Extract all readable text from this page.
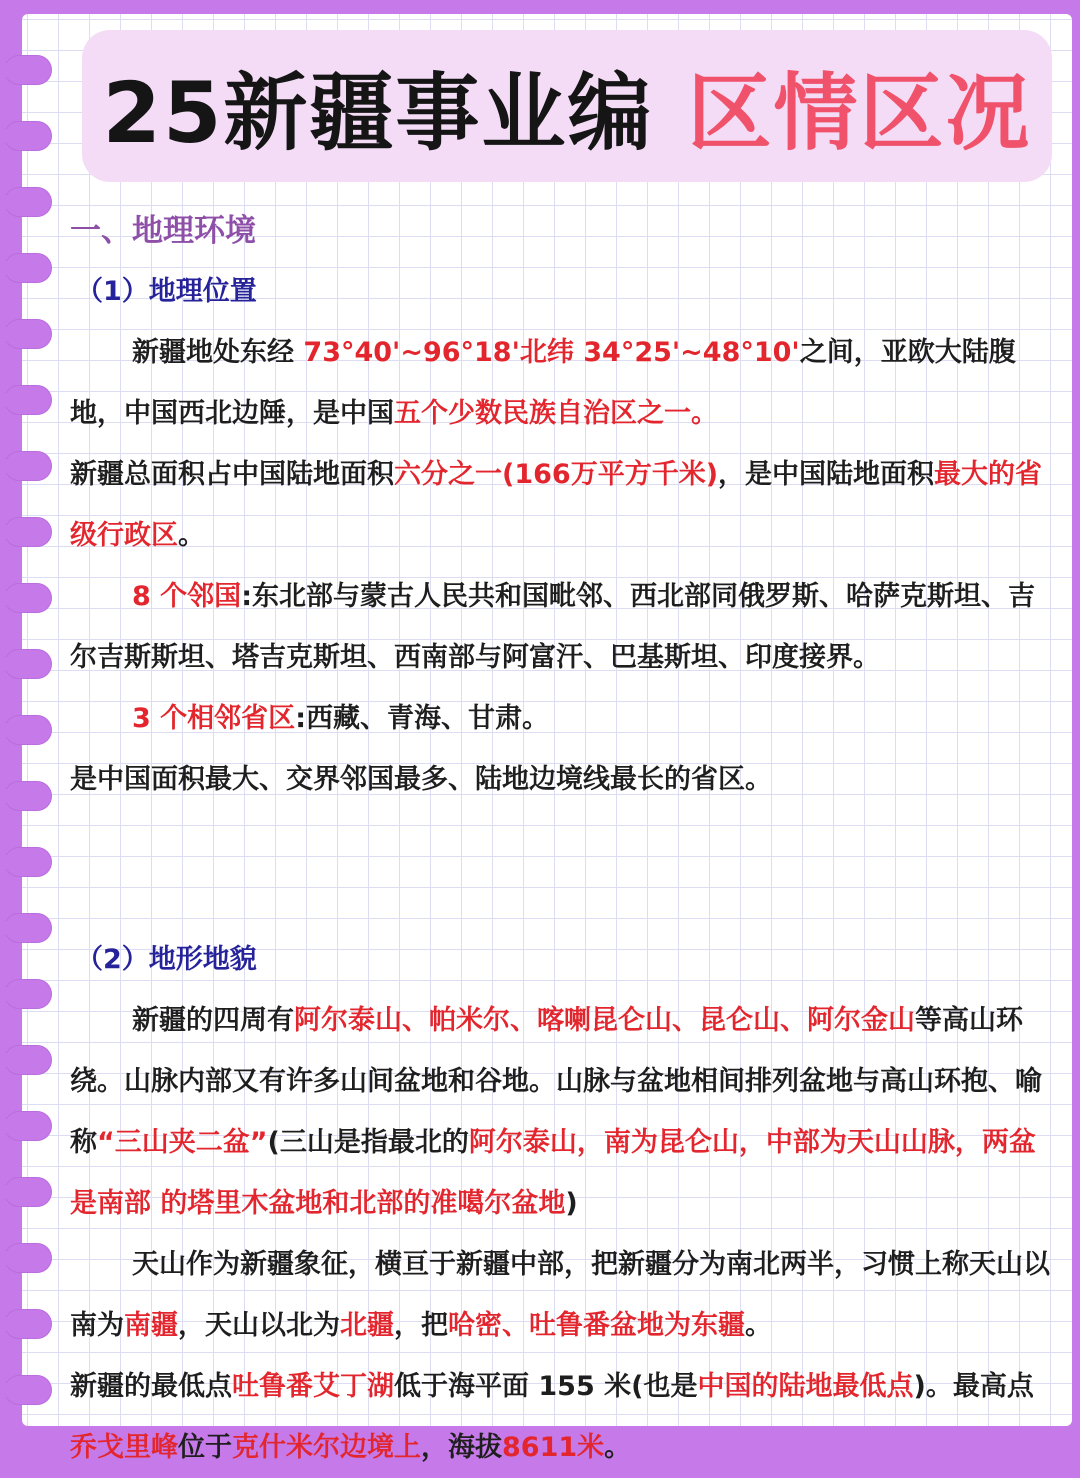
25新疆事业编 区情区况
一、地理环境
（1）地理位置

新疆地处东经 73°40'~96°18'北纬 34°25'~48°10'之间，亚欧大陆腹地，中国西北边陲，是中国五个少数民族自治区之一。

新疆总面积占中国陆地面积六分之一(166万平方千米)，是中国陆地面积最大的省级行政区。

8 个邻国:东北部与蒙古人民共和国毗邻、西北部同俄罗斯、哈萨克斯坦、吉尔吉斯斯坦、塔吉克斯坦、西南部与阿富汗、巴基斯坦、印度接界。

3 个相邻省区:西藏、青海、甘肃。

是中国面积最大、交界邻国最多、陆地边境线最长的省区。

（2）地形地貌

新疆的四周有阿尔泰山、帕米尔、喀喇昆仑山、昆仑山、阿尔金山等高山环绕。山脉内部又有许多山间盆地和谷地。山脉与盆地相间排列盆地与高山环抱、喻称“三山夹二盆”(三山是指最北的阿尔泰山，南为昆仑山，中部为天山山脉，两盆是南部 的塔里木盆地和北部的准噶尔盆地)

天山作为新疆象征，横亘于新疆中部，把新疆分为南北两半，习惯上称天山以南为南疆，天山以北为北疆，把哈密、吐鲁番盆地为东疆。

新疆的最低点吐鲁番艾丁湖低于海平面 155 米(也是中国的陆地最低点)。最高点乔戈里峰位于克什米尔边境上，海拔8611米。
